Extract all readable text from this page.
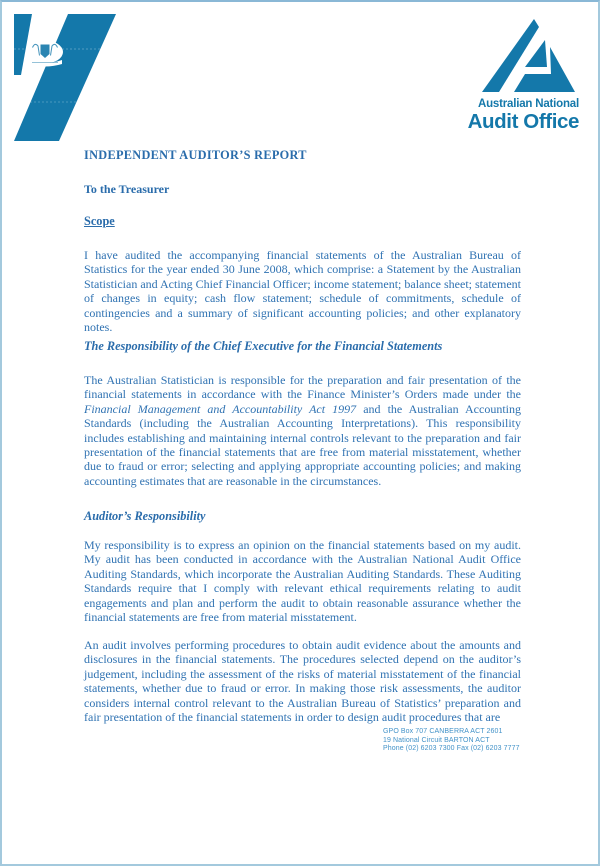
Australian National
Audit Office
INDEPENDENT AUDITOR’S REPORT

To the Treasurer

Scope

I have audited the accompanying financial statements of the Australian Bureau of Statistics for the year ended 30 June 2008, which comprise: a Statement by the Australian Statistician and Acting Chief Financial Officer; income statement; balance sheet; statement of changes in equity; cash flow statement; schedule of commitments, schedule of contingencies and a summary of significant accounting policies; and other explanatory notes.

The Responsibility of the Chief Executive for the Financial Statements

The Australian Statistician is responsible for the preparation and fair presentation of the financial statements in accordance with the Finance Minister’s Orders made under the Financial Management and Accountability Act 1997 and the Australian Accounting Standards (including the Australian Accounting Interpretations). This responsibility includes establishing and maintaining internal controls relevant to the preparation and fair presentation of the financial statements that are free from material misstatement, whether due to fraud or error; selecting and applying appropriate accounting policies; and making accounting estimates that are reasonable in the circumstances.

Auditor’s Responsibility

My responsibility is to express an opinion on the financial statements based on my audit. My audit has been conducted in accordance with the Australian National Audit Office Auditing Standards, which incorporate the Australian Auditing Standards. These Auditing Standards require that I comply with relevant ethical requirements relating to audit engagements and plan and perform the audit to obtain reasonable assurance whether the financial statements are free from material misstatement.

An audit involves performing procedures to obtain audit evidence about the amounts and disclosures in the financial statements. The procedures selected depend on the auditor’s judgement, including the assessment of the risks of material misstatement of the financial statements, whether due to fraud or error. In making those risk assessments, the auditor considers internal control relevant to the Australian Bureau of Statistics’ preparation and fair presentation of the financial statements in order to design audit procedures that are

GPO Box 707 CANBERRA ACT 2601
19 National Circuit BARTON ACT
Phone (02) 6203 7300 Fax (02) 6203 7777
